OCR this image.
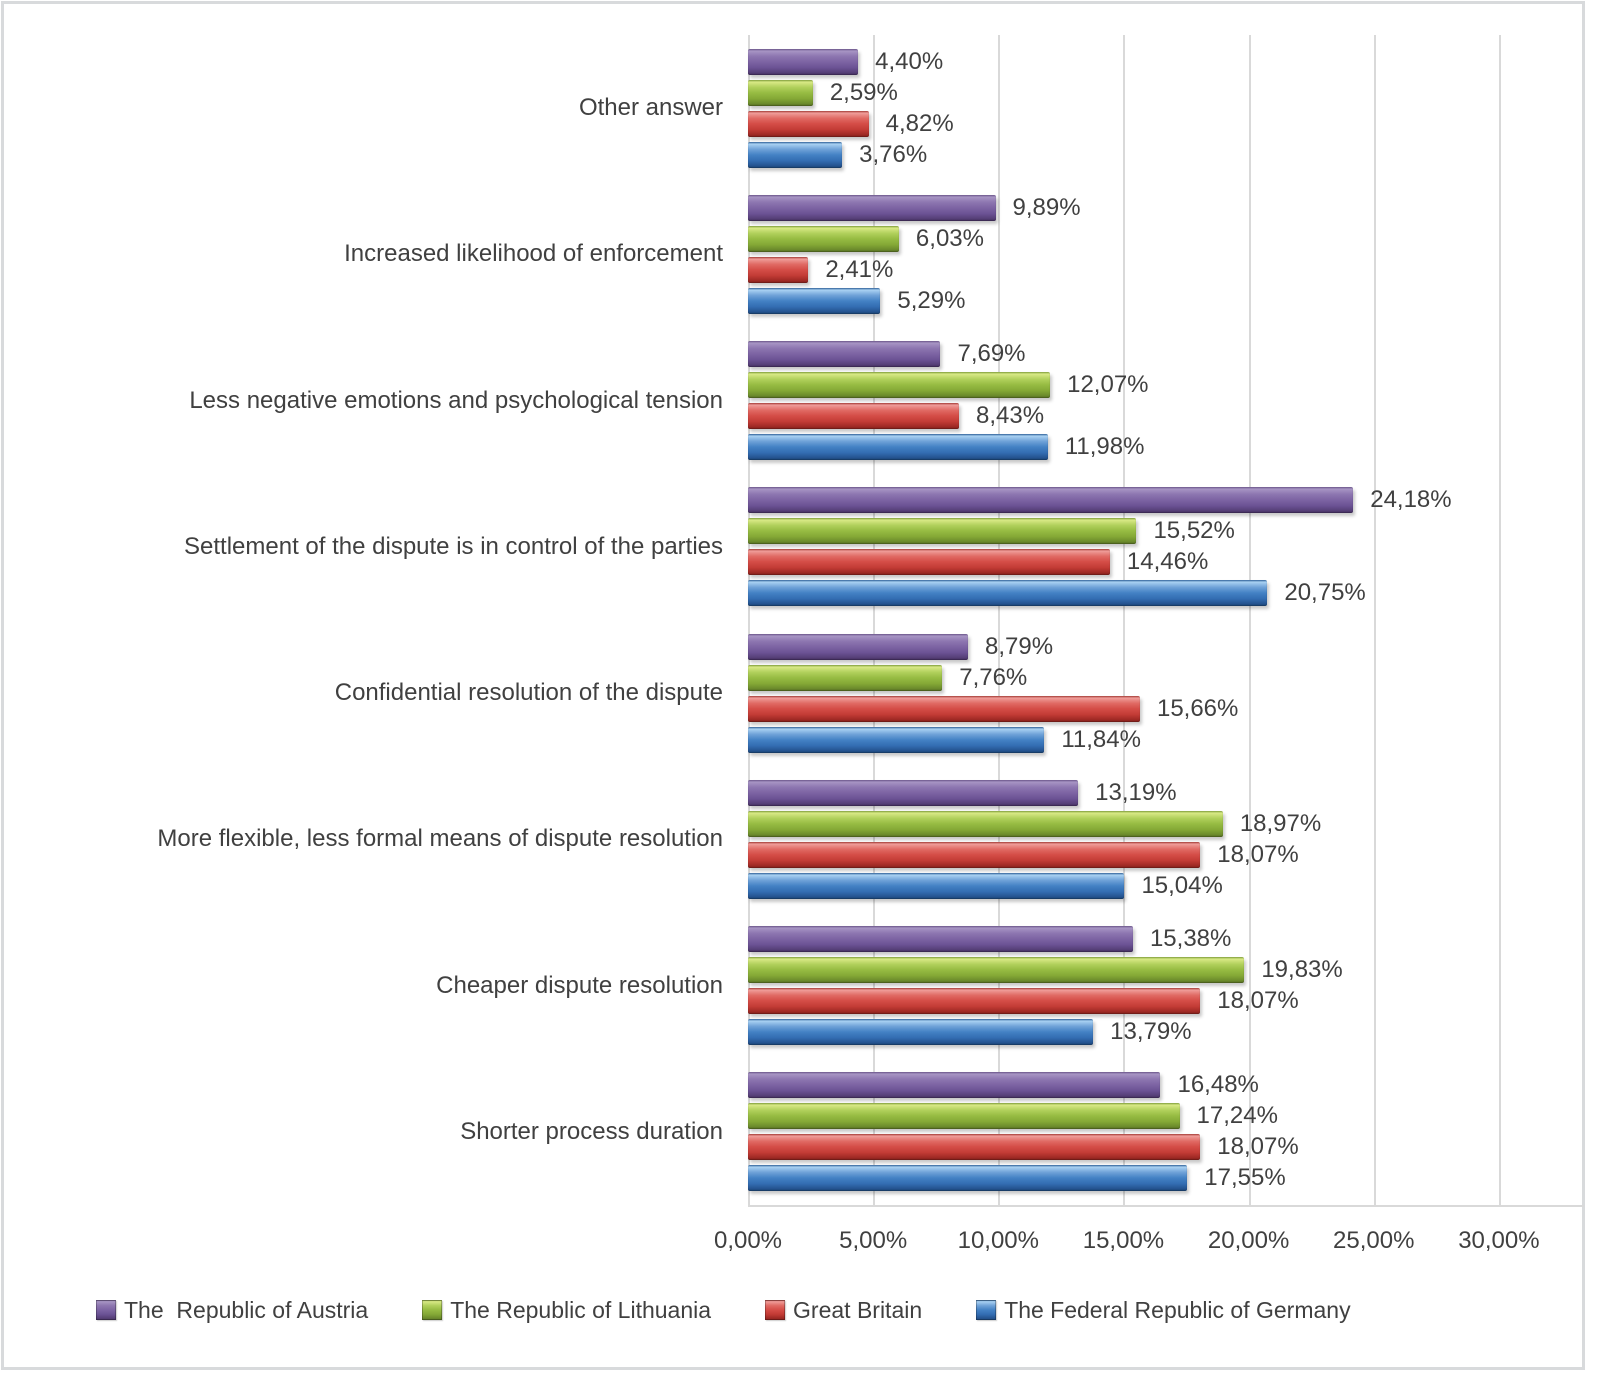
Other answer
Increased likelihood of enforcement
Less negative emotions and psychological tension
Settlement of the dispute is in control of the parties
Confidential resolution of the dispute
More flexible, less formal means of dispute resolution
Cheaper dispute resolution
Shorter process duration
4,40%
2,59%
4,82%
3,76%
9,89%
6,03%
2,41%
5,29%
7,69%
12,07%
8,43%
11,98%
24,18%
15,52%
14,46%
20,75%
8,79%
7,76%
15,66%
11,84%
13,19%
18,97%
18,07%
15,04%
15,38%
19,83%
18,07%
13,79%
16,48%
17,24%
18,07%
17,55%
0,00% 5,00% 10,00% 15,00% 20,00% 25,00% 30,00%
The  Republic of Austria	The Republic of Lithuania	Great Britain	The Federal Republic of Germany
